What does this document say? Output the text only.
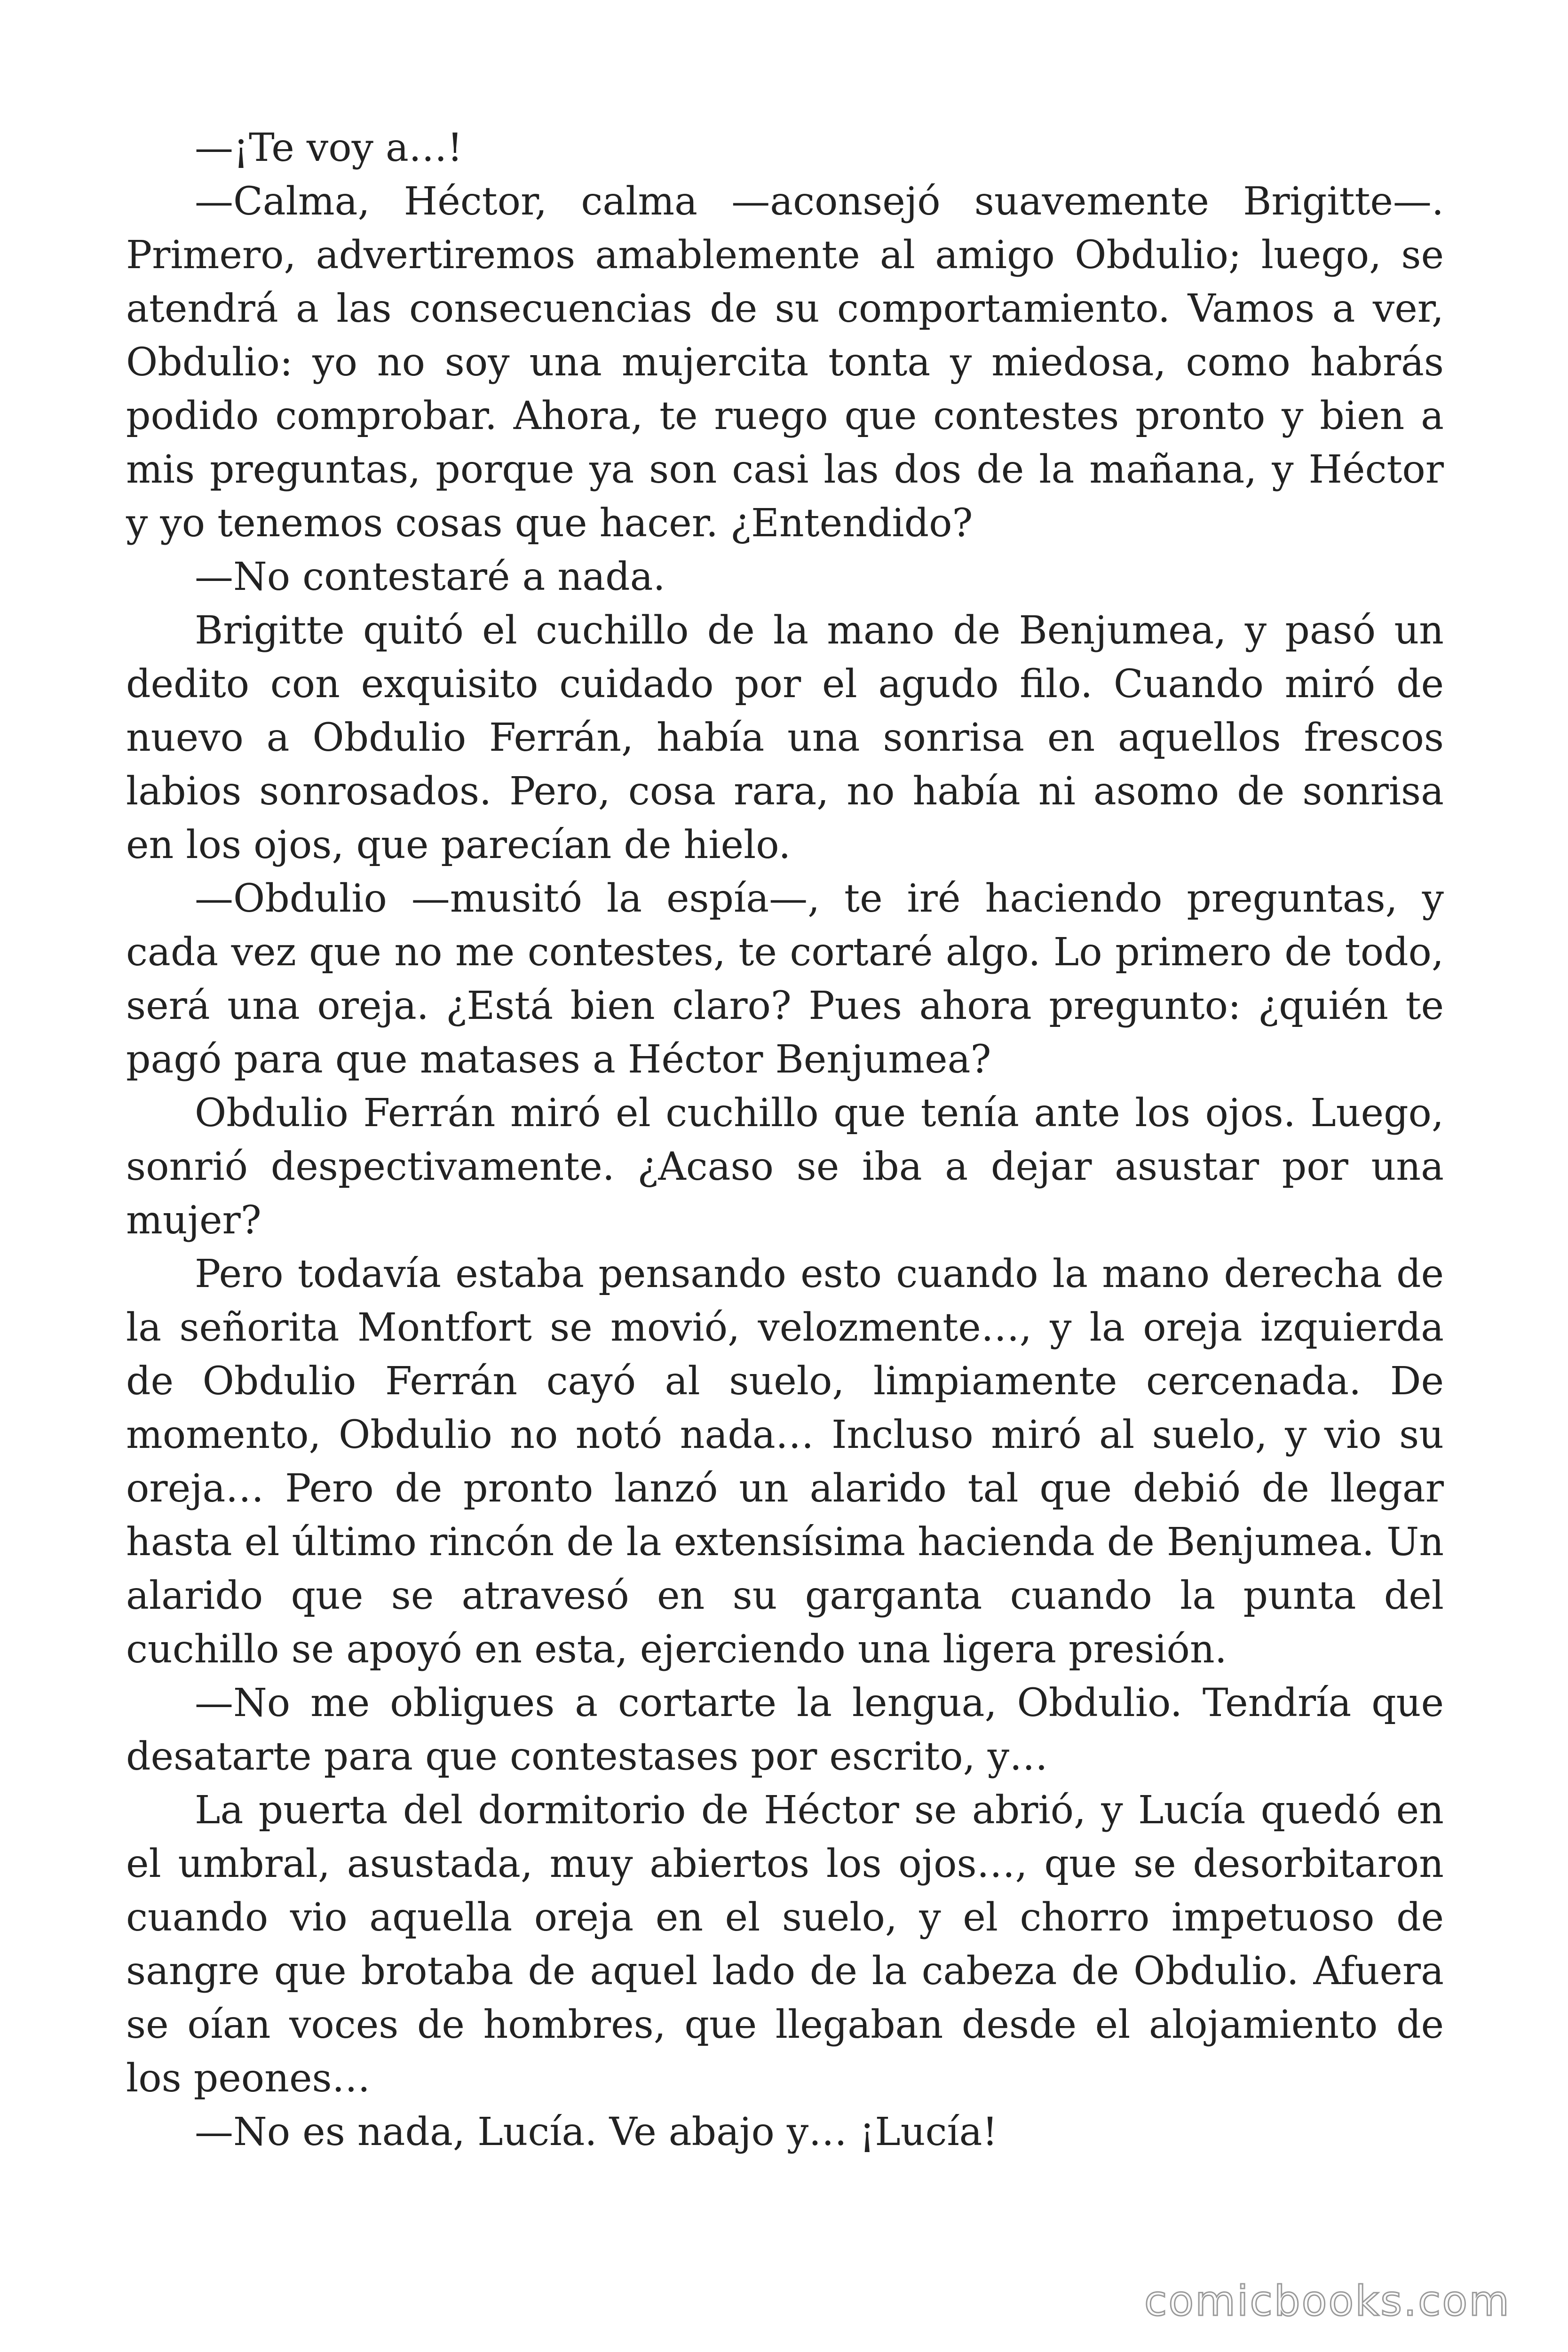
—¡Te voy a…!

—Calma, Héctor, calma —aconsejó suavemente Brigitte—. Primero, advertiremos amablemente al amigo Obdulio; luego, se atendrá a las consecuencias de su comportamiento. Vamos a ver, Obdulio: yo no soy una mujercita tonta y miedosa, como habrás podido comprobar. Ahora, te ruego que contestes pronto y bien a mis preguntas, porque ya son casi las dos de la mañana, y Héctor y yo tenemos cosas que hacer. ¿Entendido?

—No contestaré a nada.

Brigitte quitó el cuchillo de la mano de Benjumea, y pasó un dedito con exquisito cuidado por el agudo filo. Cuando miró de nuevo a Obdulio Ferrán, había una sonrisa en aquellos frescos labios sonrosados. Pero, cosa rara, no había ni asomo de sonrisa en los ojos, que parecían de hielo.

—Obdulio —musitó la espía—, te iré haciendo preguntas, y cada vez que no me contestes, te cortaré algo. Lo primero de todo, será una oreja. ¿Está bien claro? Pues ahora pregunto: ¿quién te pagó para que matases a Héctor Benjumea?

Obdulio Ferrán miró el cuchillo que tenía ante los ojos. Luego, sonrió despectivamente. ¿Acaso se iba a dejar asustar por una mujer?

Pero todavía estaba pensando esto cuando la mano derecha de la señorita Montfort se movió, velozmente…, y la oreja izquierda de Obdulio Ferrán cayó al suelo, limpiamente cercenada. De momento, Obdulio no notó nada… Incluso miró al suelo, y vio su oreja… Pero de pronto lanzó un alarido tal que debió de llegar hasta el último rincón de la extensísima hacienda de Benjumea. Un alarido que se atravesó en su garganta cuando la punta del cuchillo se apoyó en esta, ejerciendo una ligera presión.

—No me obligues a cortarte la lengua, Obdulio. Tendría que desatarte para que contestases por escrito, y…

La puerta del dormitorio de Héctor se abrió, y Lucía quedó en el umbral, asustada, muy abiertos los ojos…, que se desorbitaron cuando vio aquella oreja en el suelo, y el chorro impetuoso de sangre que brotaba de aquel lado de la cabeza de Obdulio. Afuera se oían voces de hombres, que llegaban desde el alojamiento de los peones…

—No es nada, Lucía. Ve abajo y… ¡Lucía!

comicbooks.com
